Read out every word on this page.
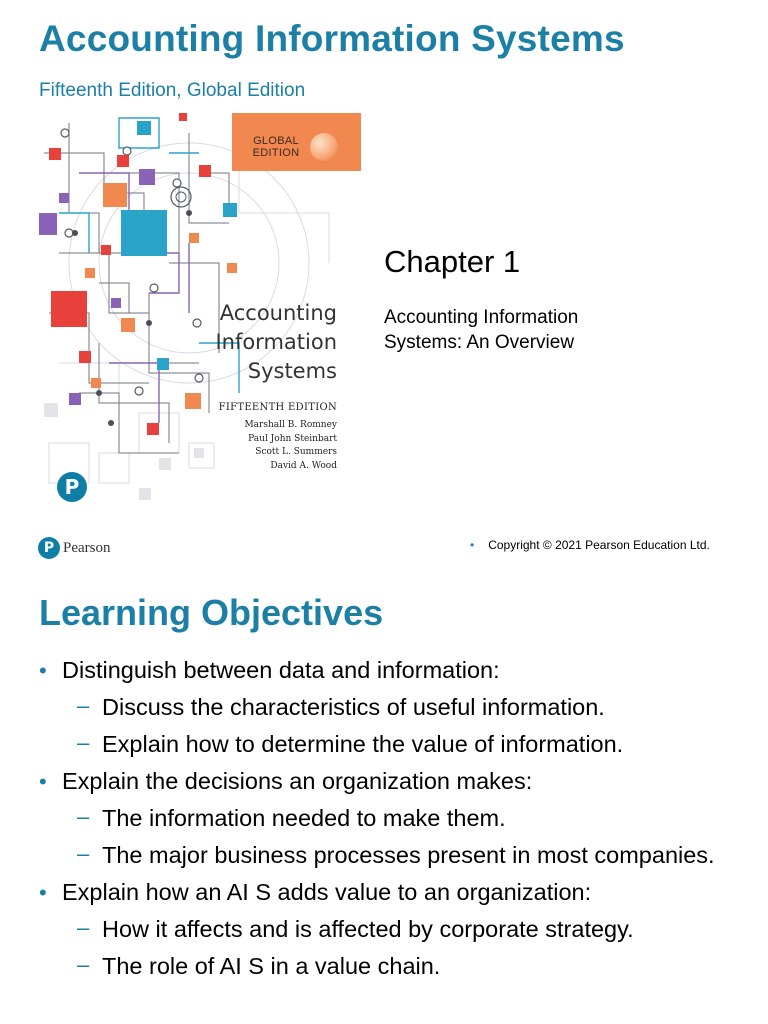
Accounting Information Systems
Fifteenth Edition, Global Edition
GLOBAL EDITION
Accounting Information Systems
FIFTEENTH EDITION
Marshall B. Romney
Paul John Steinbart
Scott L. Summers
David A. Wood
P
Chapter 1
Accounting Information Systems: An Overview
P Pearson	• Copyright © 2021 Pearson Education Ltd.
Learning Objectives
• Distinguish between data and information:
– Discuss the characteristics of useful information.
– Explain how to determine the value of information.
• Explain the decisions an organization makes:
– The information needed to make them.
– The major business processes present in most companies.
• Explain how an AI S adds value to an organization:
– How it affects and is affected by corporate strategy.
– The role of AI S in a value chain.
